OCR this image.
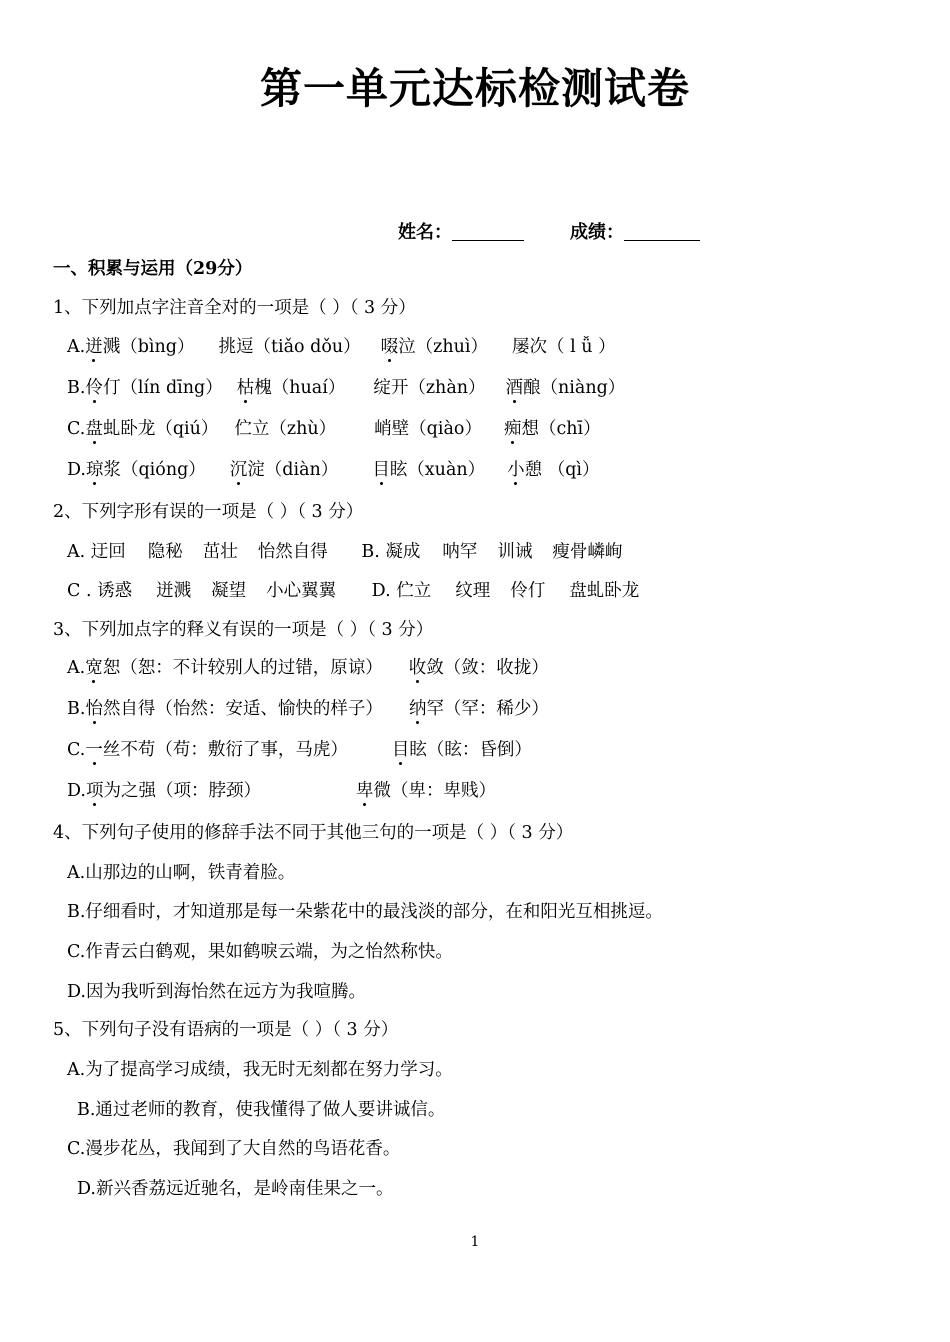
第一单元达标检测试卷
姓名：	成绩：
一、积累与运用（29分）
1、下列加点字注音全对的一项是（ ）（ 3 分）
A.迸溅（bìng） 挑逗（tiǎo dǒu） 啜泣（zhuì） 屡次（ l ǚ ）
B.伶仃（lín dīng） 枯槐（huaí） 绽开（zhàn） 酒酿（niàng）
C.盘虬卧龙（qiú） 伫立（zhù） 峭壁（qiào） 痴想（chī）
D.琼浆（qióng） 沉淀（diàn） 目眩（xuàn） 小憩 （qì）
2、下列字形有误的一项是（ ）（ 3 分）
A. 迂回 隐秘 茁壮 怡然自得 B. 凝成 呐罕 训诫 瘦骨嶙峋
C . 诱惑 迸溅 凝望 小心翼翼 D. 伫立 纹理 伶仃 盘虬卧龙
3、下列加点字的释义有误的一项是（ ）（ 3 分）
A.宽恕（恕：不计较别人的过错，原谅） 收敛（敛：收拢）
B.怡然自得（怡然：安适、愉快的样子） 纳罕（罕：稀少）
C.一丝不苟（苟：敷衍了事，马虎）	目眩（眩：昏倒）
D.项为之强（项：脖颈）	卑微（卑：卑贱）
4、下列句子使用的修辞手法不同于其他三句的一项是（ ）（ 3 分）
A.山那边的山啊，铁青着脸。
B.仔细看时，才知道那是每一朵紫花中的最浅淡的部分，在和阳光互相挑逗。
C.作青云白鹤观，果如鹤唳云端，为之怡然称快。
D.因为我听到海怡然在远方为我喧腾。
5、下列句子没有语病的一项是（ ）（ 3 分）
A.为了提高学习成绩，我无时无刻都在努力学习。
B.通过老师的教育，使我懂得了做人要讲诚信。
C.漫步花丛，我闻到了大自然的鸟语花香。
D.新兴香荔远近驰名，是岭南佳果之一。
1
